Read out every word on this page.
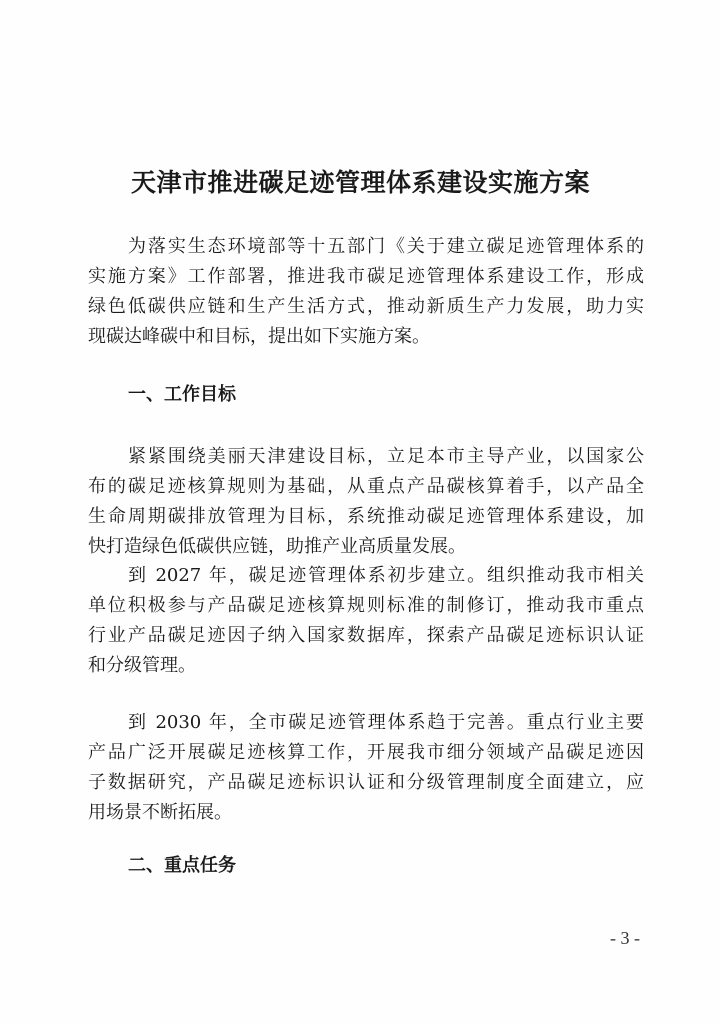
天津市推进碳足迹管理体系建设实施方案

为落实生态环境部等十五部门《关于建立碳足迹管理体系的
实施方案》工作部署，推进我市碳足迹管理体系建设工作，形成
绿色低碳供应链和生产生活方式，推动新质生产力发展，助力实
现碳达峰碳中和目标，提出如下实施方案。

一、工作目标

紧紧围绕美丽天津建设目标，立足本市主导产业，以国家公
布的碳足迹核算规则为基础，从重点产品碳核算着手，以产品全
生命周期碳排放管理为目标，系统推动碳足迹管理体系建设，加
快打造绿色低碳供应链，助推产业高质量发展。

到 2027 年，碳足迹管理体系初步建立。组织推动我市相关
单位积极参与产品碳足迹核算规则标准的制修订，推动我市重点
行业产品碳足迹因子纳入国家数据库，探索产品碳足迹标识认证
和分级管理。

到 2030 年，全市碳足迹管理体系趋于完善。重点行业主要
产品广泛开展碳足迹核算工作，开展我市细分领域产品碳足迹因
子数据研究，产品碳足迹标识认证和分级管理制度全面建立，应
用场景不断拓展。

二、重点任务
- 3 -
